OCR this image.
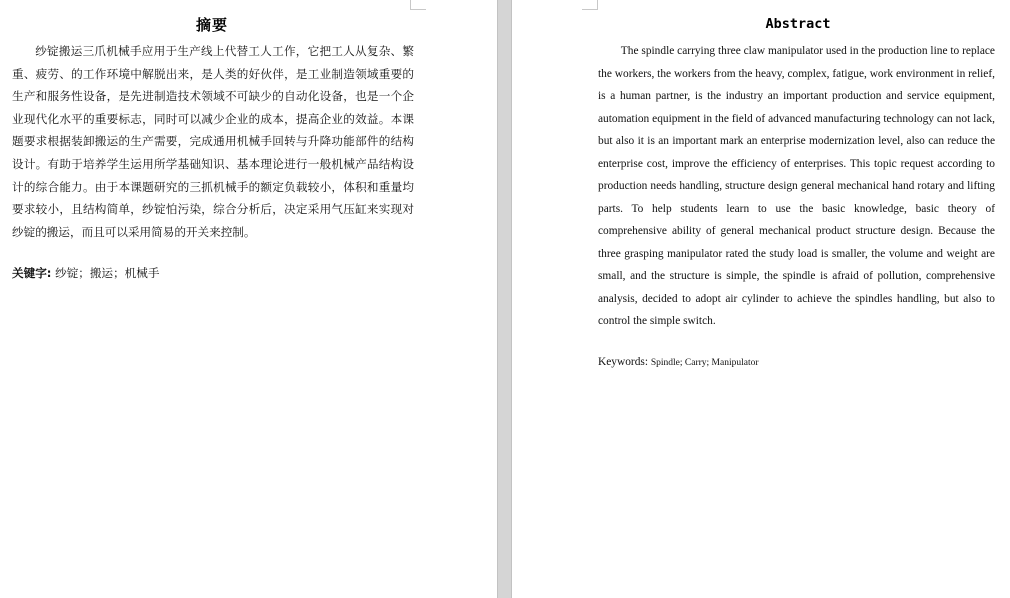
摘要

纱锭搬运三爪机械手应用于生产线上代替工人工作，它把工人从复杂、繁重、疲劳、的工作环境中解脱出来，是人类的好伙伴，是工业制造领域重要的生产和服务性设备，是先进制造技术领域不可缺少的自动化设备，也是一个企业现代化水平的重要标志，同时可以减少企业的成本，提高企业的效益。本课题要求根据装卸搬运的生产需要，完成通用机械手回转与升降功能部件的结构设计。有助于培养学生运用所学基础知识、基本理论进行一般机械产品结构设计的综合能力。由于本课题研究的三抓机械手的额定负载较小，体积和重量均要求较小，且结构简单，纱锭怕污染，综合分析后，决定采用气压缸来实现对纱锭的搬运，而且可以采用简易的开关来控制。

关键字: 纱锭；搬运；机械手
Abstract

The spindle carrying three claw manipulator used in the production line to replace the workers, the workers from the heavy, complex, fatigue, work environment in relief, is a human partner, is the industry an important production and service equipment, automation equipment in the field of advanced manufacturing technology can not lack, but also it is an important mark an enterprise modernization level, also can reduce the enterprise cost, improve the efficiency of enterprises. This topic request according to production needs handling, structure design general mechanical hand rotary and lifting parts. To help students learn to use the basic knowledge, basic theory of comprehensive ability of general mechanical product structure design. Because the three grasping manipulator rated the study load is smaller, the volume and weight are small, and the structure is simple, the spindle is afraid of pollution, comprehensive analysis, decided to adopt air cylinder to achieve the spindles handling, but also to control the simple switch.

Keywords: Spindle; Carry; Manipulator
